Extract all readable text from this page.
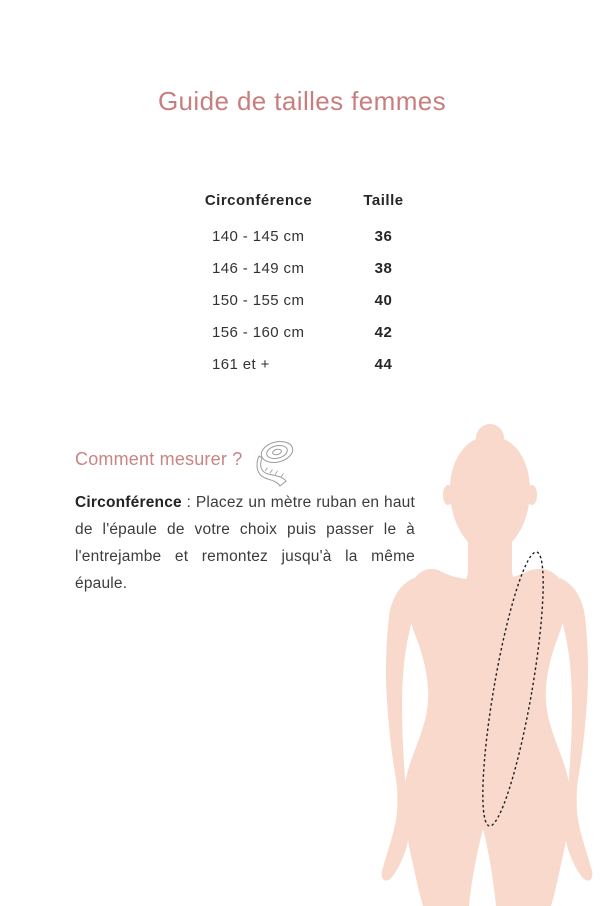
Guide de tailles femmes
Circonférence	Taille
140 - 145 cm	36
146 - 149 cm	38
150 - 155 cm	40
156 - 160 cm	42
161 et +	44
Comment mesurer ?

Circonférence : Placez un mètre ruban en haut de l'épaule de votre choix puis passer le à l'entrejambe et remontez jusqu'à la même épaule.
